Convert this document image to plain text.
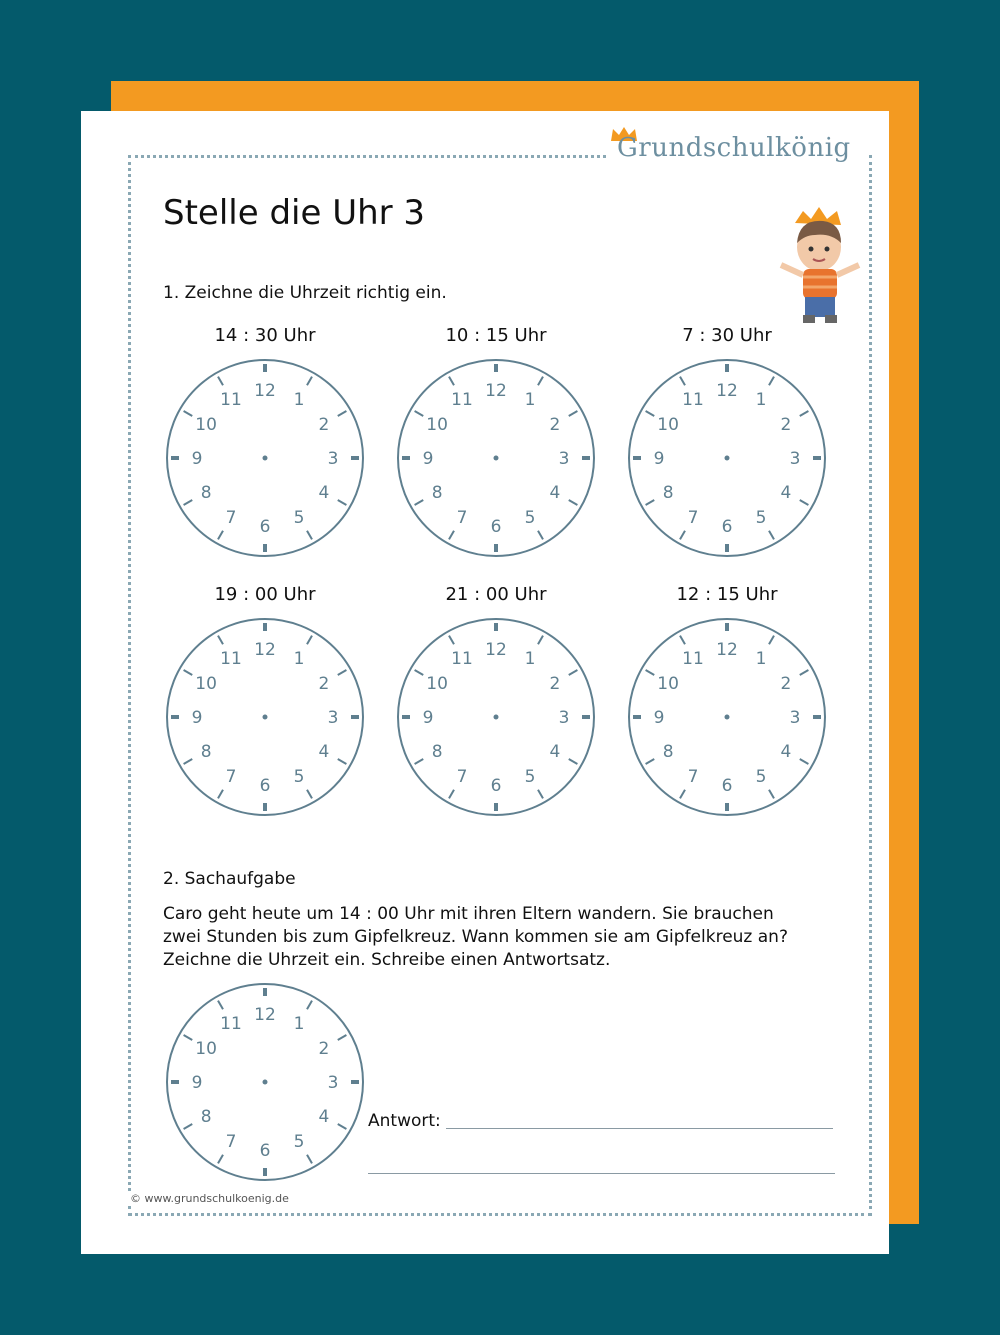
Grundschulkönig
Stelle die Uhr 3

1. Zeichne die Uhrzeit richtig ein.

2. Sachaufgabe

Caro geht heute um 14 : 00 Uhr mit ihren Eltern wandern. Sie brauchen zwei Stunden bis zum Gipfelkreuz. Wann kommen sie am Gipfelkreuz an? Zeichne die Uhrzeit ein. Schreibe einen Antwortsatz.

Antwort:
© www.grundschulkoenig.de
12 1
2
3
4
5
6
7
8
9
10
11
14 : 30 Uhr
12 1
2
3
4
5
6
7
8
9
10
11
10 : 15 Uhr
12 1
2
3
4
5
6
7
8
9
10
11
7 : 30 Uhr
12 1
2
3
4
5
6
7
8
9
10
11
19 : 00 Uhr
12 1
2
3
4
5
6
7
8
9
10
11
21 : 00 Uhr
12 1
2
3
4
5
6
7
8
9
10
11
12 : 15 Uhr
12 1
2
3
4
5
6
7
8
9
10
11
